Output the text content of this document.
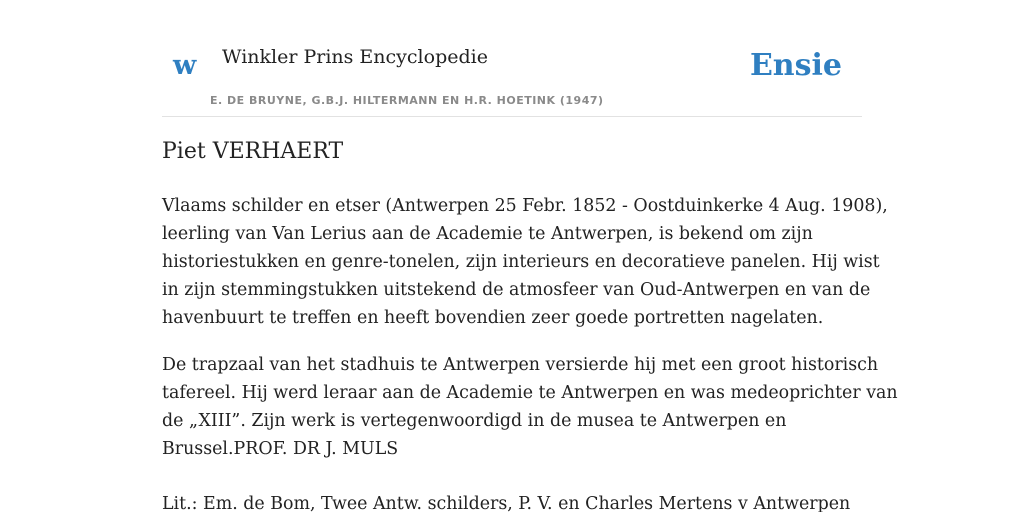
w Winkler Prins Encyclopedie
E. DE BRUYNE, G.B.J. HILTERMANN EN H.R. HOETINK (1947)
Ensie
Piet VERHAERT

Vlaams schilder en etser (Antwerpen 25 Febr. 1852 - Oostduinkerke 4 Aug. 1908),
leerling van Van Lerius aan de Academie te Antwerpen, is bekend om zijn
historiestukken en genre-tonelen, zijn interieurs en decoratieve panelen. Hij wist
in zijn stemmingstukken uitstekend de atmosfeer van Oud-Antwerpen en van de
havenbuurt te treffen en heeft bovendien zeer goede portretten nagelaten.

De trapzaal van het stadhuis te Antwerpen versierde hij met een groot historisch
tafereel. Hij werd leraar aan de Academie te Antwerpen en was medeoprichter van
de „XIII”. Zijn werk is vertegenwoordigd in de musea te Antwerpen en
Brussel.PROF. DR J. MULS

Lit.: Em. de Bom, Twee Antw. schilders, P. V. en Charles Mertens v Antwerpen
